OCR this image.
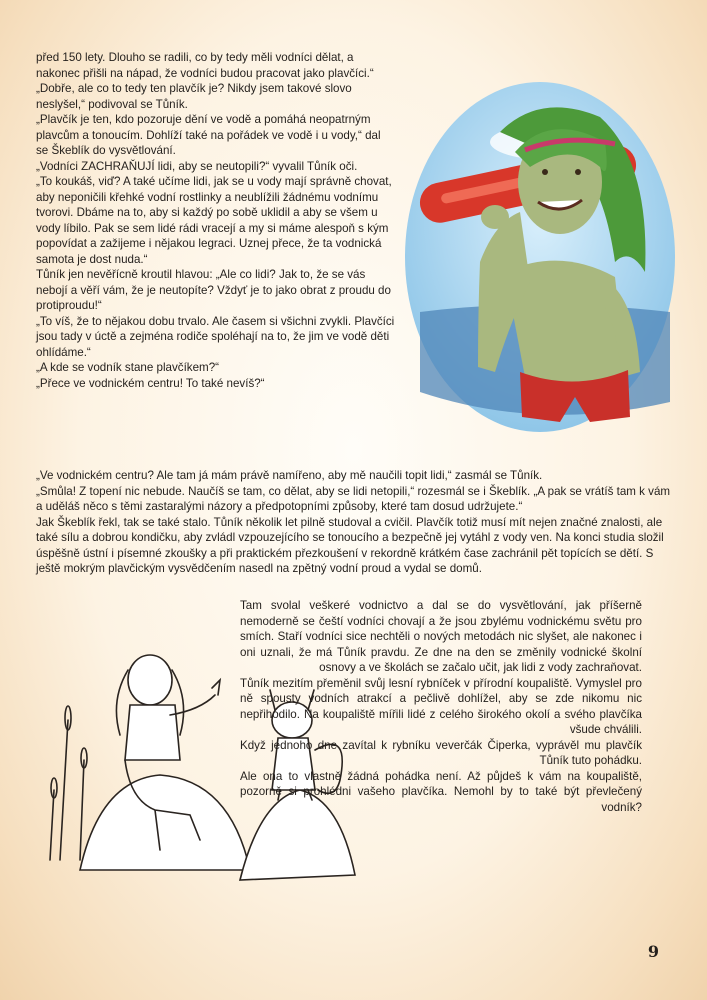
před 150 lety. Dlouho se radili, co by tedy měli vodníci dělat, a nakonec přišli na nápad, že vodníci budou pracovat jako plavčíci.“

„Dobře, ale co to tedy ten plavčík je? Nikdy jsem takové slovo neslyšel,“ podivoval se Tůník.

„Plavčík je ten, kdo pozoruje dění ve vodě a pomáhá neopatrným plavcům a tonoucím. Dohlíží také na pořádek ve vodě i u vody,“ dal se Škeblík do vysvětlování.

„Vodníci ZACHRAŇUJÍ lidi, aby se neutopili?“ vyvalil Tůník oči.

„To koukáš, viď? A také učíme lidi, jak se u vody mají správně chovat, aby neponičili křehké vodní rostlinky a neublížili žádnému vodnímu tvorovi. Dbáme na to, aby si každý po sobě uklidil a aby se všem u vody líbilo. Pak se sem lidé rádi vracejí a my si máme alespoň s kým popovídat a zažijeme i nějakou legraci. Uznej přece, že ta vodnická samota je dost nuda.“

Tůník jen nevěřícně kroutil hlavou: „Ale co lidi? Jak to, že se vás nebojí a věří vám, že je neutopíte? Vždyť je to jako obrat z proudu do protiproudu!“

„To víš, že to nějakou dobu trvalo. Ale časem si všichni zvykli. Plavčíci jsou tady v úctě a zejména rodiče spoléhají na to, že jim ve vodě děti ohlídáme.“

„A kde se vodník stane plavčíkem?“

„Přece ve vodnickém centru! To také nevíš?“

„Ve vodnickém centru? Ale tam já mám právě namířeno, aby mě naučili topit lidi,“ zasmál se Tůník.

„Smůla! Z topení nic nebude. Naučíš se tam, co dělat, aby se lidi netopili,“ rozesmál se i Škeblík. „A pak se vrátíš tam k vám a uděláš něco s těmi zastaralými názory a předpotopními způsoby, které tam dosud udržujete.“

Jak Škeblík řekl, tak se také stalo. Tůník několik let pilně studoval a cvičil. Plavčík totiž musí mít nejen značné znalosti, ale také sílu a dobrou kondičku, aby zvládl vzpouzejícího se tonoucího a bezpečně jej vytáhl z vody ven. Na konci studia složil úspěšně ústní i písemné zkoušky a při praktickém přezkoušení v rekordně krátkém čase zachránil pět topících se dětí. S ještě mokrým plavčickým vysvědčením nasedl na zpětný vodní proud a vydal se domů.

Tam svolal veškeré vodnictvo a dal se do vysvětlování, jak příšerně nemoderně se čeští vodníci chovají a že jsou zbylému vodnickému světu pro smích. Staří vodníci sice nechtěli o nových metodách nic slyšet, ale nakonec i oni uznali, že má Tůník pravdu. Ze dne na den se změnily vodnické školní osnovy a ve školách se začalo učit, jak lidi z vody zachraňovat.

Tůník mezitím přeměnil svůj lesní rybníček v přírodní koupaliště. Vymyslel pro ně spousty vodních atrakcí a pečlivě dohlížel, aby se zde nikomu nic nepřihodilo. Na koupaliště mířili lidé z celého širokého okolí a svého plavčíka všude chválili.

Když jednoho dne zavítal k rybníku veverčák Čiperka, vyprávěl mu plavčík Tůník tuto pohádku.

Ale ona to vlastně žádná pohádka není. Až půjdeš k vám na koupaliště, pozorně si prohlédni vašeho plavčíka. Nemohl by to také být převlečený vodník?

9
